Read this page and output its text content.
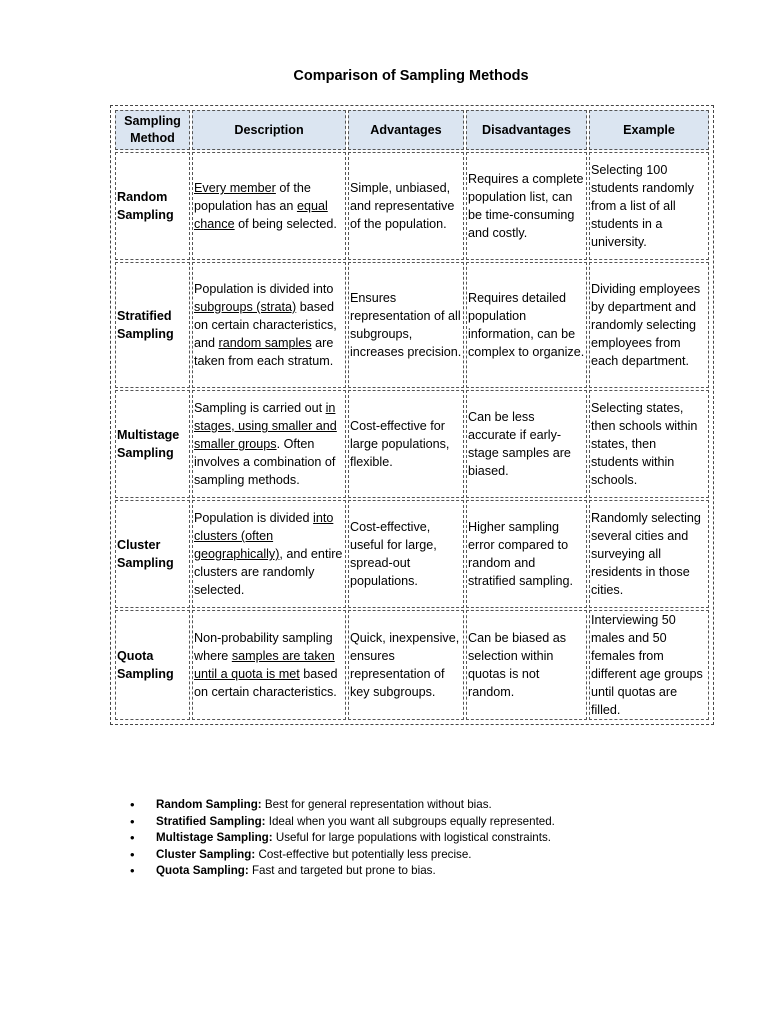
Comparison of Sampling Methods
Sampling Method	Description	Advantages	Disadvantages	Example
Random Sampling	Every member of the population has an equal chance of being selected.	Simple, unbiased, and representative of the population.	Requires a complete population list, can be time-consuming and costly.	Selecting 100 students randomly from a list of all students in a university.
Stratified Sampling	Population is divided into subgroups (strata) based on certain characteristics, and random samples are taken from each stratum.	Ensures representation of all subgroups, increases precision.	Requires detailed population information, can be complex to organize.	Dividing employees by department and randomly selecting employees from each department.
Multistage Sampling	Sampling is carried out in stages, using smaller and smaller groups. Often involves a combination of sampling methods.	Cost-effective for large populations, flexible.	Can be less accurate if early-stage samples are biased.	Selecting states, then schools within states, then students within schools.
Cluster Sampling	Population is divided into clusters (often geographically), and entire clusters are randomly selected.	Cost-effective, useful for large, spread-out populations.	Higher sampling error compared to random and stratified sampling.	Randomly selecting several cities and surveying all residents in those cities.
Quota Sampling	Non-probability sampling where samples are taken until a quota is met based on certain characteristics.	Quick, inexpensive, ensures representation of key subgroups.	Can be biased as selection within quotas is not random.	Interviewing 50 males and 50 females from different age groups until quotas are filled.
• Random Sampling: Best for general representation without bias.
• Stratified Sampling: Ideal when you want all subgroups equally represented.
• Multistage Sampling: Useful for large populations with logistical constraints.
• Cluster Sampling: Cost-effective but potentially less precise.
• Quota Sampling: Fast and targeted but prone to bias.
